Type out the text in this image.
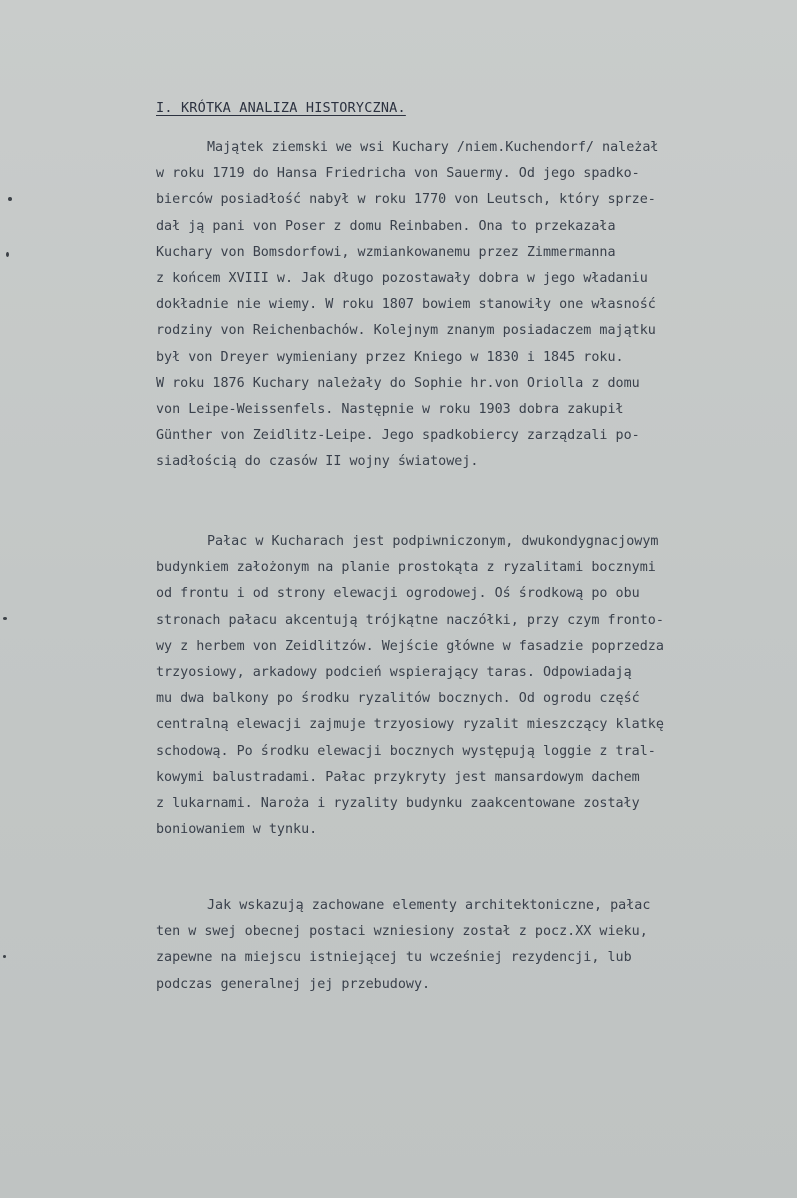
I. KRÓTKA ANALIZA HISTORYCZNA.
Majątek ziemski we wsi Kuchary /niem.Kuchendorf/ należał
w roku 1719 do Hansa Friedricha von Sauermy. Od jego spadko-
bierców posiadłość nabył w roku 1770 von Leutsch, który sprze-
dał ją pani von Poser z domu Reinbaben. Ona to przekazała
Kuchary von Bomsdorfowi, wzmiankowanemu przez Zimmermanna
z końcem XVIII w. Jak długo pozostawały dobra w jego władaniu
dokładnie nie wiemy. W roku 1807 bowiem stanowiły one własność
rodziny von Reichenbachów. Kolejnym znanym posiadaczem majątku
był von Dreyer wymieniany przez Kniego w 1830 i 1845 roku.
W roku 1876 Kuchary należały do Sophie hr.von Oriolla z domu
von Leipe-Weissenfels. Następnie w roku 1903 dobra zakupił
Günther von Zeidlitz-Leipe. Jego spadkobiercy zarządzali po-
siadłością do czasów II wojny światowej.
Pałac w Kucharach jest podpiwniczonym, dwukondygnacjowym
budynkiem założonym na planie prostokąta z ryzalitami bocznymi
od frontu i od strony elewacji ogrodowej. Oś środkową po obu
stronach pałacu akcentują trójkątne naczółki, przy czym fronto-
wy z herbem von Zeidlitzów. Wejście główne w fasadzie poprzedza
trzyosiowy, arkadowy podcień wspierający taras. Odpowiadają
mu dwa balkony po środku ryzalitów bocznych. Od ogrodu część
centralną elewacji zajmuje trzyosiowy ryzalit mieszczący klatkę
schodową. Po środku elewacji bocznych występują loggie z tral-
kowymi balustradami. Pałac przykryty jest mansardowym dachem
z lukarnami. Naroża i ryzality budynku zaakcentowane zostały
boniowaniem w tynku.
Jak wskazują zachowane elementy architektoniczne, pałac
ten w swej obecnej postaci wzniesiony został z pocz.XX wieku,
zapewne na miejscu istniejącej tu wcześniej rezydencji, lub
podczas generalnej jej przebudowy.
